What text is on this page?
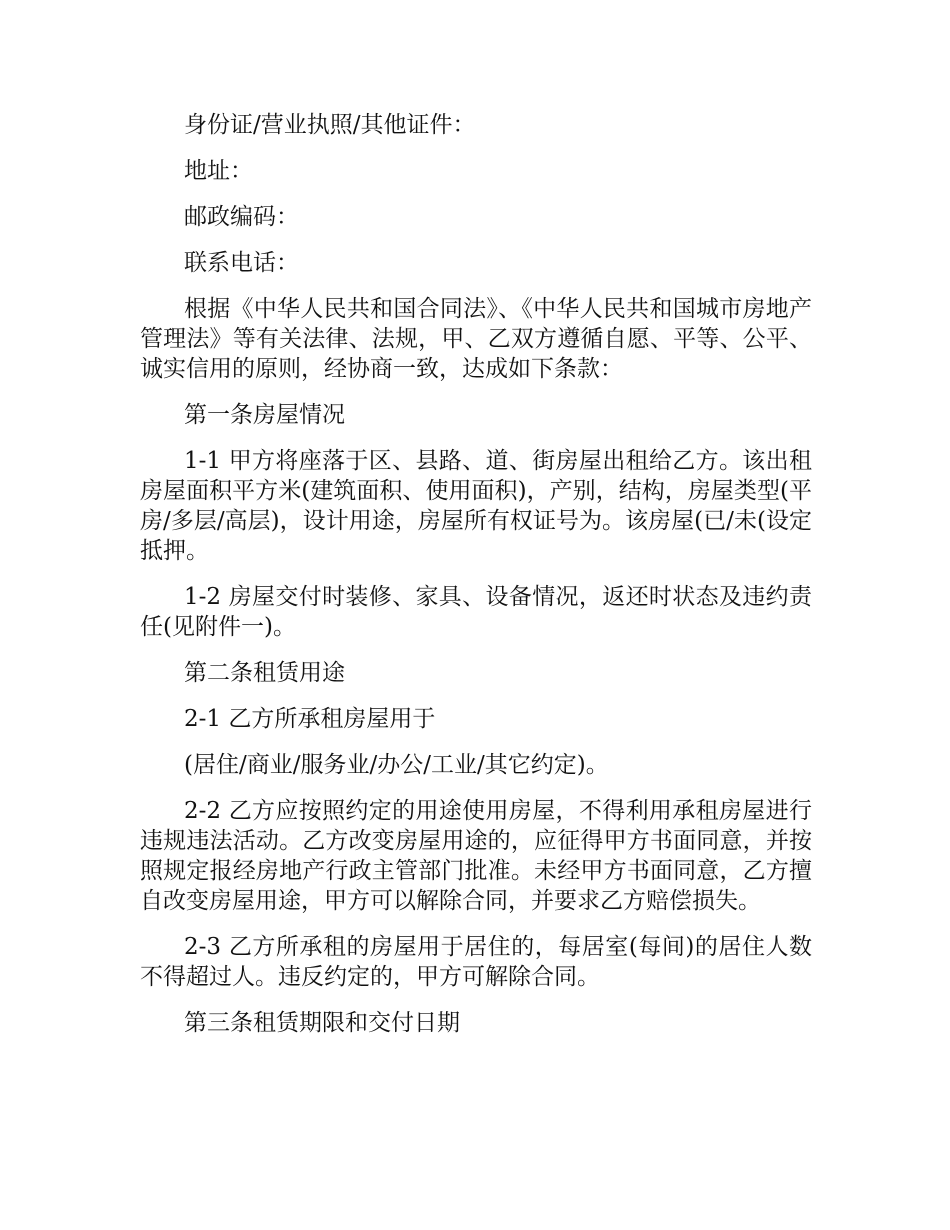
身份证/营业执照/其他证件：

地址：

邮政编码：

联系电话：

根据《中华人民共和国合同法》、《中华人民共和国城市房地产管理法》等有关法律、法规，甲、乙双方遵循自愿、平等、公平、诚实信用的原则，经协商一致，达成如下条款：

第一条房屋情况

1-1 甲方将座落于区、县路、道、街房屋出租给乙方。该出租房屋面积平方米(建筑面积、使用面积)，产别，结构，房屋类型(平房/多层/高层)，设计用途，房屋所有权证号为。该房屋(已/未(设定抵押。

1-2 房屋交付时装修、家具、设备情况，返还时状态及违约责任(见附件一)。

第二条租赁用途

2-1 乙方所承租房屋用于

(居住/商业/服务业/办公/工业/其它约定)。

2-2 乙方应按照约定的用途使用房屋，不得利用承租房屋进行违规违法活动。乙方改变房屋用途的，应征得甲方书面同意，并按照规定报经房地产行政主管部门批准。未经甲方书面同意，乙方擅自改变房屋用途，甲方可以解除合同，并要求乙方赔偿损失。

2-3 乙方所承租的房屋用于居住的，每居室(每间)的居住人数不得超过人。违反约定的，甲方可解除合同。

第三条租赁期限和交付日期
